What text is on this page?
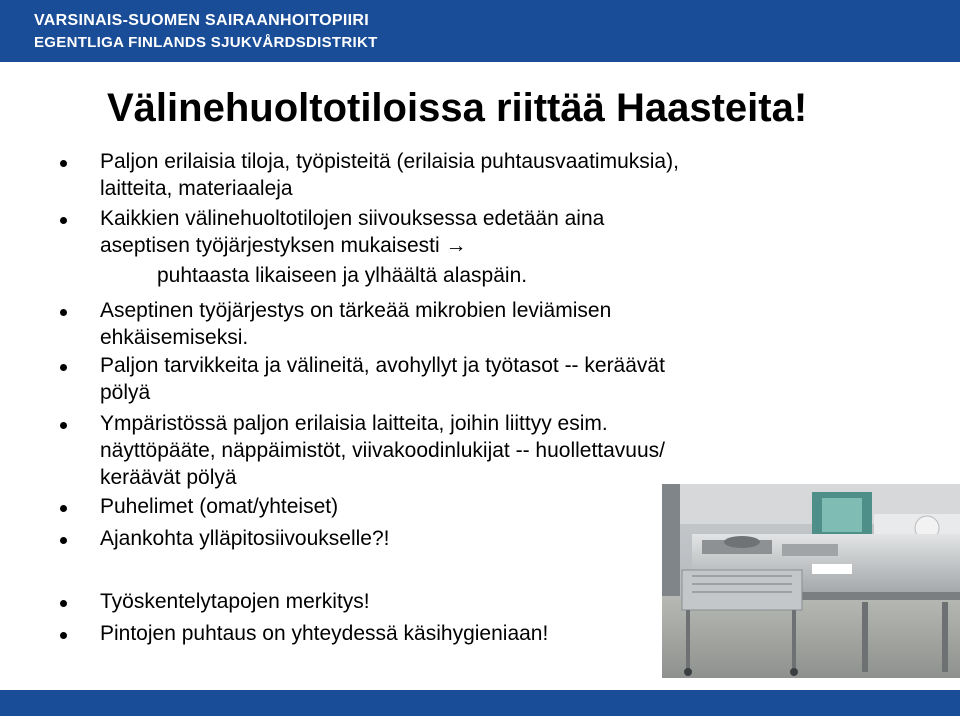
VARSINAIS-SUOMEN SAIRAANHOITOPIIRI
EGENTLIGA FINLANDS SJUKVÅRDSDISTRIKT
Välinehuoltotiloissa riittää Haasteita!
Paljon erilaisia tiloja, työpisteitä (erilaisia puhtausvaatimuksia),
laitteita, materiaaleja
Kaikkien välinehuoltotilojen siivouksessa edetään aina
aseptisen työjärjestyksen mukaisesti →
puhtaasta likaiseen ja ylhäältä alaspäin.
Aseptinen työjärjestys on tärkeää mikrobien leviämisen
ehkäisemiseksi.
Paljon tarvikkeita ja välineitä, avohyllyt ja työtasot -- keräävät
pölyä
Ympäristössä paljon erilaisia laitteita, joihin liittyy esim.
näyttöpääte, näppäimistöt, viivakoodinlukijat -- huollettavuus/
keräävät pölyä
Puhelimet (omat/yhteiset)
Ajankohta ylläpitosiivoukselle?!
Työskentelytapojen merkitys!
Pintojen puhtaus on yhteydessä käsihygieniaan!
